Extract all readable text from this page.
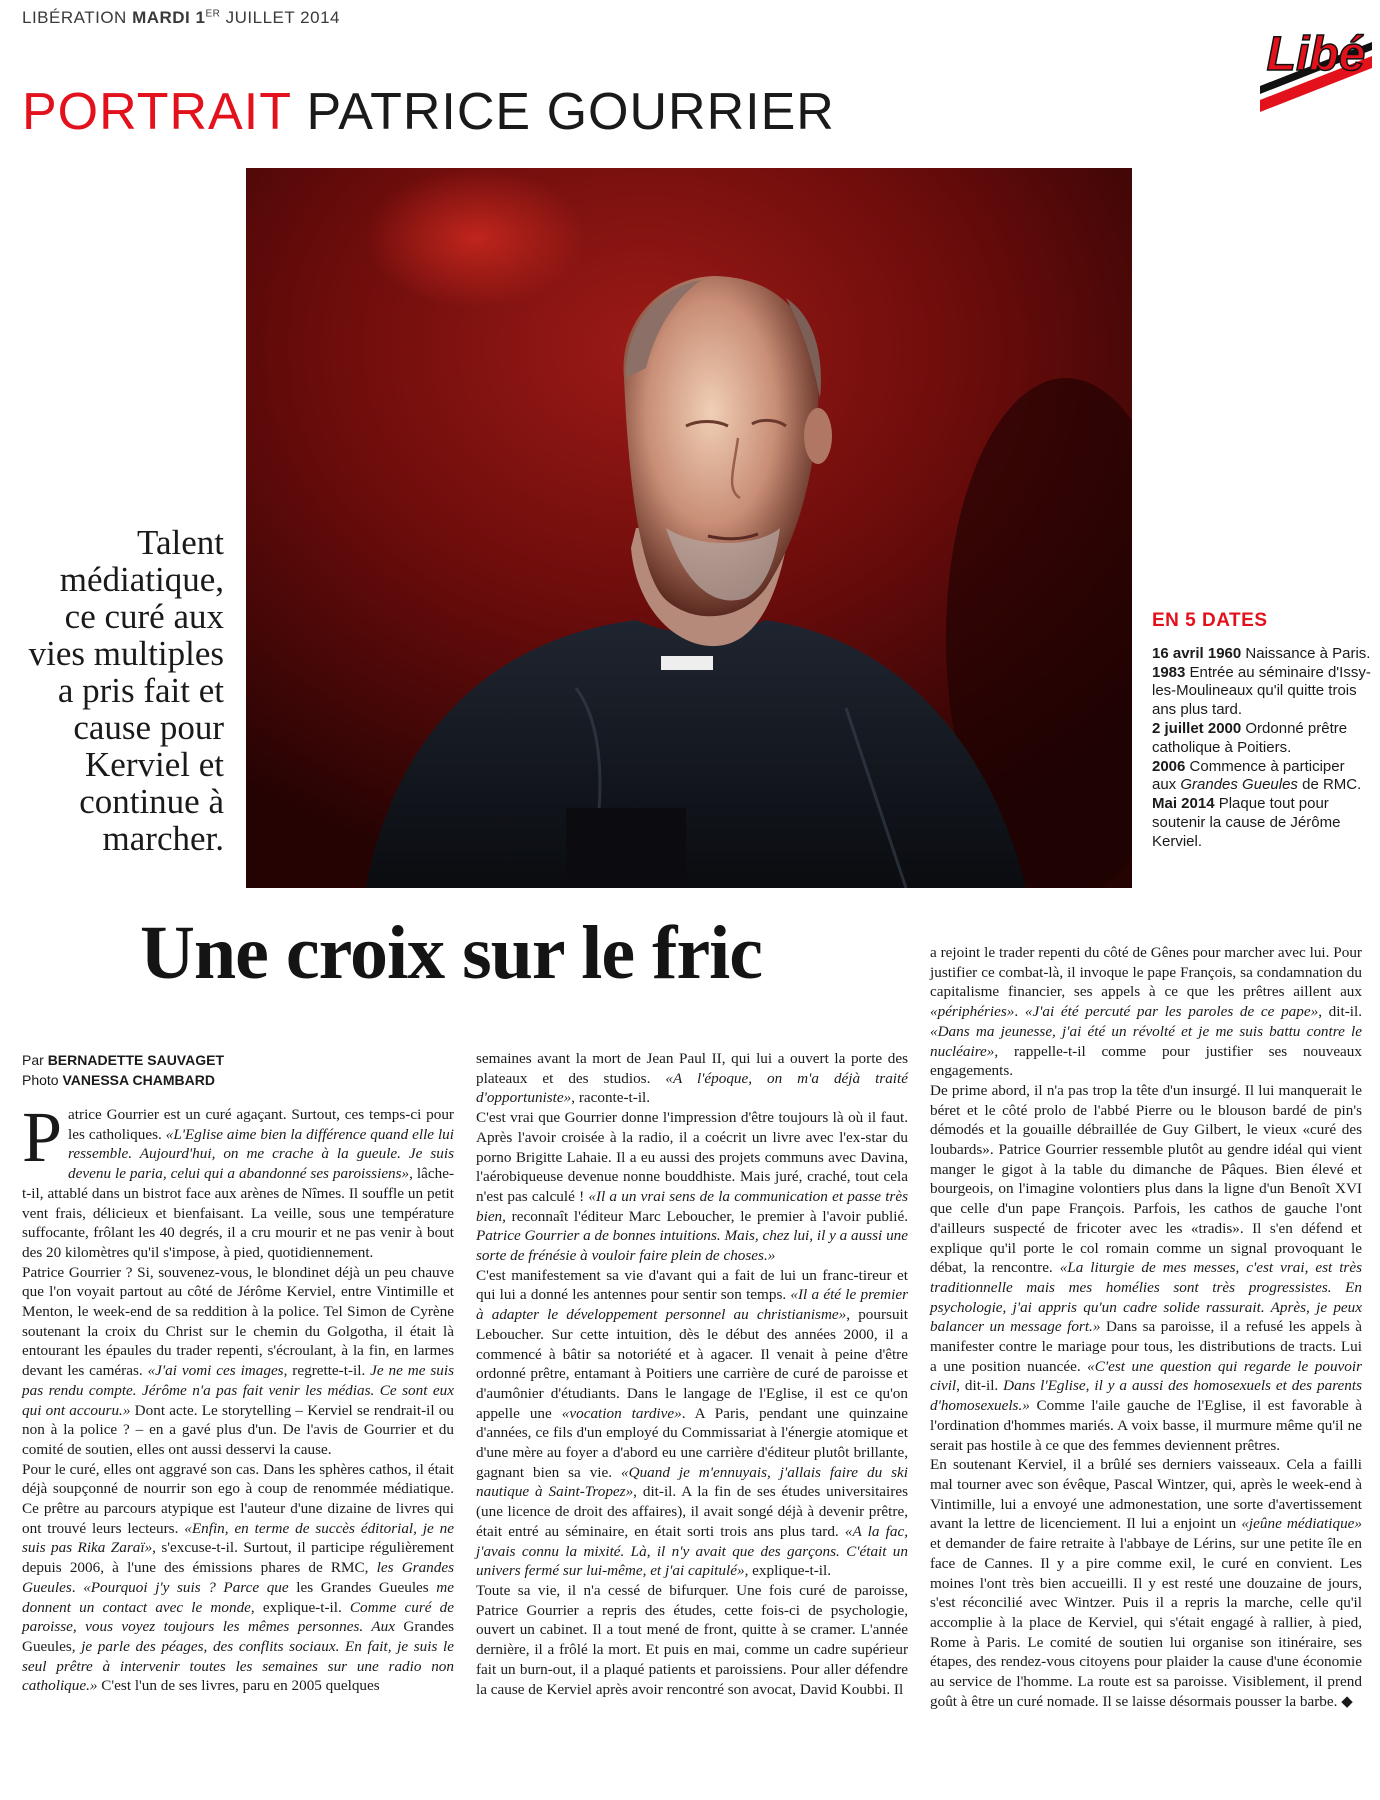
LIBÉRATION MARDI 1ER JUILLET 2014
Libé
PORTRAIT PATRICE GOURRIER
Talent médiatique, ce curé aux vies multiples a pris fait et cause pour Kerviel et continue à marcher.
EN 5 DATES
16 avril 1960 Naissance à Paris. 1983 Entrée au séminaire d'Issy-les-Moulineaux qu'il quitte trois ans plus tard.
2 juillet 2000 Ordonné prêtre catholique à Poitiers.
2006 Commence à participer aux Grandes Gueules de RMC.
Mai 2014 Plaque tout pour soutenir la cause de Jérôme Kerviel.
Une croix sur le fric
Par BERNADETTE SAUVAGET
Photo VANESSA CHAMBARD

Patrice Gourrier est un curé agaçant. Surtout, ces temps-ci pour les catholiques. «L'Eglise aime bien la différence quand elle lui ressemble. Aujourd'hui, on me crache à la gueule. Je suis devenu le paria, celui qui a abandonné ses paroissiens», lâche-t-il, attablé dans un bistrot face aux arènes de Nîmes. Il souffle un petit vent frais, délicieux et bienfaisant. La veille, sous une température suffocante, frôlant les 40 degrés, il a cru mourir et ne pas venir à bout des 20 kilomètres qu'il s'impose, à pied, quotidiennement.

Patrice Gourrier ? Si, souvenez-vous, le blondinet déjà un peu chauve que l'on voyait partout au côté de Jérôme Kerviel, entre Vintimille et Menton, le week-end de sa reddition à la police. Tel Simon de Cyrène soutenant la croix du Christ sur le chemin du Golgotha, il était là entourant les épaules du trader repenti, s'écroulant, à la fin, en larmes devant les caméras. «J'ai vomi ces images, regrette-t-il. Je ne me suis pas rendu compte. Jérôme n'a pas fait venir les médias. Ce sont eux qui ont accouru.» Dont acte. Le storytelling – Kerviel se rendrait-il ou non à la police ? – en a gavé plus d'un. De l'avis de Gourrier et du comité de soutien, elles ont aussi desservi la cause.

Pour le curé, elles ont aggravé son cas. Dans les sphères cathos, il était déjà soupçonné de nourrir son ego à coup de renommée médiatique. Ce prêtre au parcours atypique est l'auteur d'une dizaine de livres qui ont trouvé leurs lecteurs. «Enfin, en terme de succès éditorial, je ne suis pas Rika Zaraï», s'excuse-t-il. Surtout, il participe régulièrement depuis 2006, à l'une des émissions phares de RMC, les Grandes Gueules. «Pourquoi j'y suis ? Parce que les Grandes Gueules me donnent un contact avec le monde, explique-t-il. Comme curé de paroisse, vous voyez toujours les mêmes personnes. Aux Grandes Gueules, je parle des péages, des conflits sociaux. En fait, je suis le seul prêtre à intervenir toutes les semaines sur une radio non catholique.» C'est l'un de ses livres, paru en 2005 quelques

semaines avant la mort de Jean Paul II, qui lui a ouvert la porte des plateaux et des studios. «A l'époque, on m'a déjà traité d'opportuniste», raconte-t-il.

C'est vrai que Gourrier donne l'impression d'être toujours là où il faut. Après l'avoir croisée à la radio, il a coécrit un livre avec l'ex-star du porno Brigitte Lahaie. Il a eu aussi des projets communs avec Davina, l'aérobiqueuse devenue nonne bouddhiste. Mais juré, craché, tout cela n'est pas calculé ! «Il a un vrai sens de la communication et passe très bien, reconnaît l'éditeur Marc Leboucher, le premier à l'avoir publié. Patrice Gourrier a de bonnes intuitions. Mais, chez lui, il y a aussi une sorte de frénésie à vouloir faire plein de choses.»

C'est manifestement sa vie d'avant qui a fait de lui un franc-tireur et qui lui a donné les antennes pour sentir son temps. «Il a été le premier à adapter le développement personnel au christianisme», poursuit Leboucher. Sur cette intuition, dès le début des années 2000, il a commencé à bâtir sa notoriété et à agacer. Il venait à peine d'être ordonné prêtre, entamant à Poitiers une carrière de curé de paroisse et d'aumônier d'étudiants. Dans le langage de l'Eglise, il est ce qu'on appelle une «vocation tardive». A Paris, pendant une quinzaine d'années, ce fils d'un employé du Commissariat à l'énergie atomique et d'une mère au foyer a d'abord eu une carrière d'éditeur plutôt brillante, gagnant bien sa vie. «Quand je m'ennuyais, j'allais faire du ski nautique à Saint-Tropez», dit-il. A la fin de ses études universitaires (une licence de droit des affaires), il avait songé déjà à devenir prêtre, était entré au séminaire, en était sorti trois ans plus tard. «A la fac, j'avais connu la mixité. Là, il n'y avait que des garçons. C'était un univers fermé sur lui-même, et j'ai capitulé», explique-t-il.

Toute sa vie, il n'a cessé de bifurquer. Une fois curé de paroisse, Patrice Gourrier a repris des études, cette fois-ci de psychologie, ouvert un cabinet. Il a tout mené de front, quitte à se cramer. L'année dernière, il a frôlé la mort. Et puis en mai, comme un cadre supérieur fait un burn-out, il a plaqué patients et paroissiens. Pour aller défendre la cause de Kerviel après avoir rencontré son avocat, David Koubbi. Il

a rejoint le trader repenti du côté de Gênes pour marcher avec lui. Pour justifier ce combat-là, il invoque le pape François, sa condamnation du capitalisme financier, ses appels à ce que les prêtres aillent aux «périphéries». «J'ai été percuté par les paroles de ce pape», dit-il. «Dans ma jeunesse, j'ai été un révolté et je me suis battu contre le nucléaire», rappelle-t-il comme pour justifier ses nouveaux engagements.

De prime abord, il n'a pas trop la tête d'un insurgé. Il lui manquerait le béret et le côté prolo de l'abbé Pierre ou le blouson bardé de pin's démodés et la gouaille débraillée de Guy Gilbert, le vieux «curé des loubards». Patrice Gourrier ressemble plutôt au gendre idéal qui vient manger le gigot à la table du dimanche de Pâques. Bien élevé et bourgeois, on l'imagine volontiers plus dans la ligne d'un Benoît XVI que celle d'un pape François. Parfois, les cathos de gauche l'ont d'ailleurs suspecté de fricoter avec les «tradis». Il s'en défend et explique qu'il porte le col romain comme un signal provoquant le débat, la rencontre. «La liturgie de mes messes, c'est vrai, est très traditionnelle mais mes homélies sont très progressistes. En psychologie, j'ai appris qu'un cadre solide rassurait. Après, je peux balancer un message fort.» Dans sa paroisse, il a refusé les appels à manifester contre le mariage pour tous, les distributions de tracts. Lui a une position nuancée. «C'est une question qui regarde le pouvoir civil, dit-il. Dans l'Eglise, il y a aussi des homosexuels et des parents d'homosexuels.» Comme l'aile gauche de l'Eglise, il est favorable à l'ordination d'hommes mariés. A voix basse, il murmure même qu'il ne serait pas hostile à ce que des femmes deviennent prêtres.

En soutenant Kerviel, il a brûlé ses derniers vaisseaux. Cela a failli mal tourner avec son évêque, Pascal Wintzer, qui, après le week-end à Vintimille, lui a envoyé une admonestation, une sorte d'avertissement avant la lettre de licenciement. Il lui a enjoint un «jeûne médiatique» et demander de faire retraite à l'abbaye de Lérins, sur une petite île en face de Cannes. Il y a pire comme exil, le curé en convient. Les moines l'ont très bien accueilli. Il y est resté une douzaine de jours, s'est réconcilié avec Wintzer. Puis il a repris la marche, celle qu'il accomplie à la place de Kerviel, qui s'était engagé à rallier, à pied, Rome à Paris. Le comité de soutien lui organise son itinéraire, ses étapes, des rendez-vous citoyens pour plaider la cause d'une économie au service de l'homme. La route est sa paroisse. Visiblement, il prend goût à être un curé nomade. Il se laisse désormais pousser la barbe. ◆
